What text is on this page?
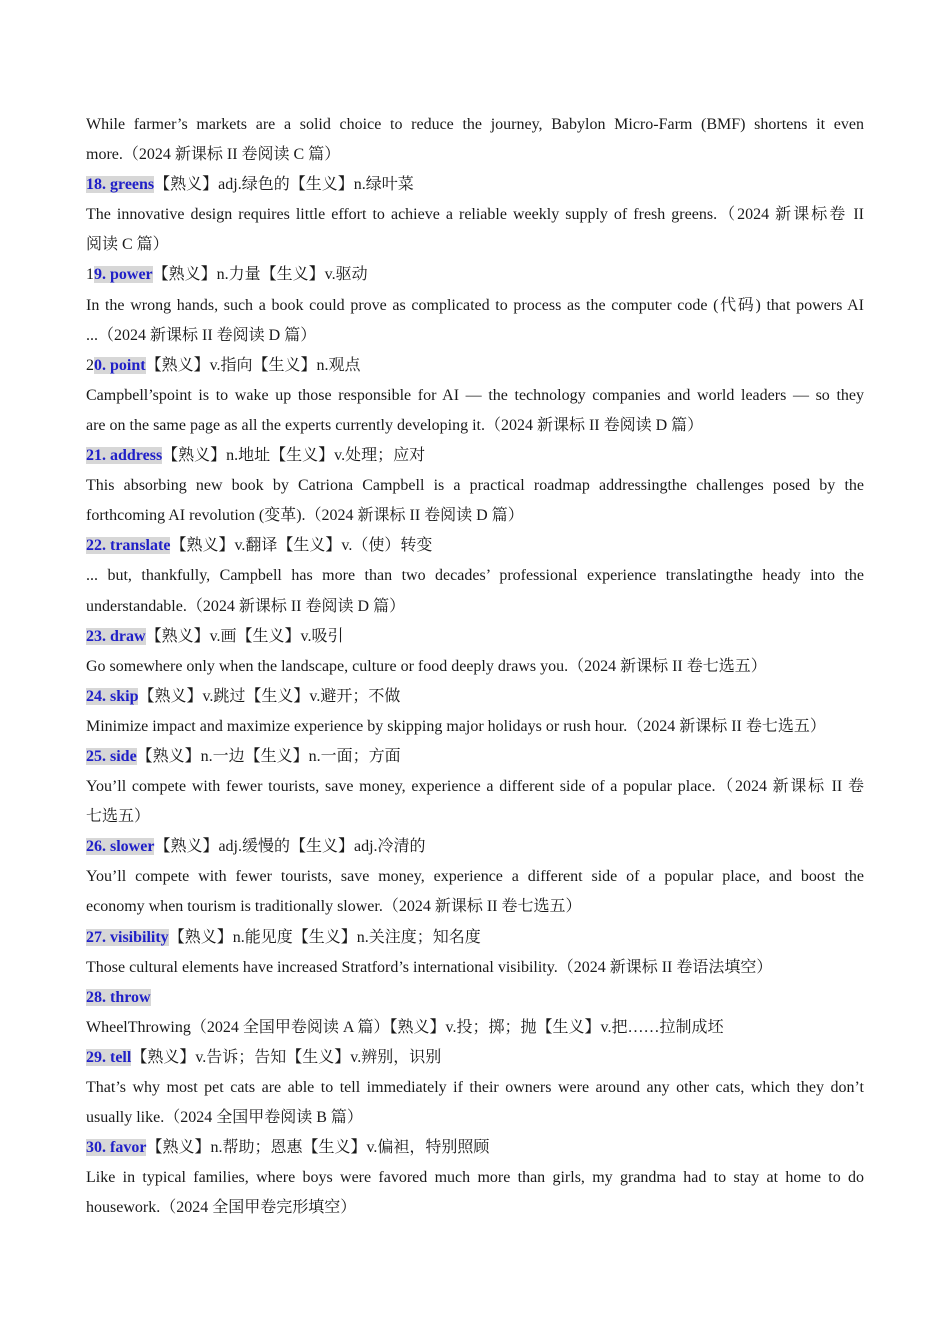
While farmer’s markets are a solid choice to reduce the journey, Babylon Micro-Farm (BMF) shortens it even
more.（2024 新课标 II 卷阅读 C 篇）
18. greens【熟义】adj.绿色的【生义】n.绿叶菜
The innovative design requires little effort to achieve a reliable weekly supply of fresh greens.（2024 新课标卷 II
阅读 C 篇）
19. power【熟义】n.力量【生义】v.驱动
In the wrong hands, such a book could prove as complicated to process as the computer code (代码) that powers AI
...（2024 新课标 II 卷阅读 D 篇）
20. point【熟义】v.指向【生义】n.观点
Campbell’spoint is to wake up those responsible for AI — the technology companies and world leaders — so they
are on the same page as all the experts currently developing it.（2024 新课标 II 卷阅读 D 篇）
21. address【熟义】n.地址【生义】v.处理；应对
This absorbing new book by Catriona Campbell is a practical roadmap addressingthe challenges posed by the
forthcoming AI revolution (变革).（2024 新课标 II 卷阅读 D 篇）
22. translate【熟义】v.翻译【生义】v.（使）转变
... but, thankfully, Campbell has more than two decades’ professional experience translatingthe heady into the
understandable.（2024 新课标 II 卷阅读 D 篇）
23. draw【熟义】v.画【生义】v.吸引
Go somewhere only when the landscape, culture or food deeply draws you.（2024 新课标 II 卷七选五）
24. skip【熟义】v.跳过【生义】v.避开；不做
Minimize impact and maximize experience by skipping major holidays or rush hour.（2024 新课标 II 卷七选五）
25. side【熟义】n.一边【生义】n.一面；方面
You’ll compete with fewer tourists, save money, experience a different side of a popular place.（2024 新课标 II 卷
七选五）
26. slower【熟义】adj.缓慢的【生义】adj.冷清的
You’ll compete with fewer tourists, save money, experience a different side of a popular place, and boost the
economy when tourism is traditionally slower.（2024 新课标 II 卷七选五）
27. visibility【熟义】n.能见度【生义】n.关注度；知名度
Those cultural elements have increased Stratford’s international visibility.（2024 新课标 II 卷语法填空）
28. throw
WheelThrowing（2024 全国甲卷阅读 A 篇）【熟义】v.投；掷；抛【生义】v.把……拉制成坯
29. tell【熟义】v.告诉；告知【生义】v.辨别，识别
That’s why most pet cats are able to tell immediately if their owners were around any other cats, which they don’t
usually like.（2024 全国甲卷阅读 B 篇）
30. favor【熟义】n.帮助；恩惠【生义】v.偏袒，特别照顾
Like in typical families, where boys were favored much more than girls, my grandma had to stay at home to do
housework.（2024 全国甲卷完形填空）
